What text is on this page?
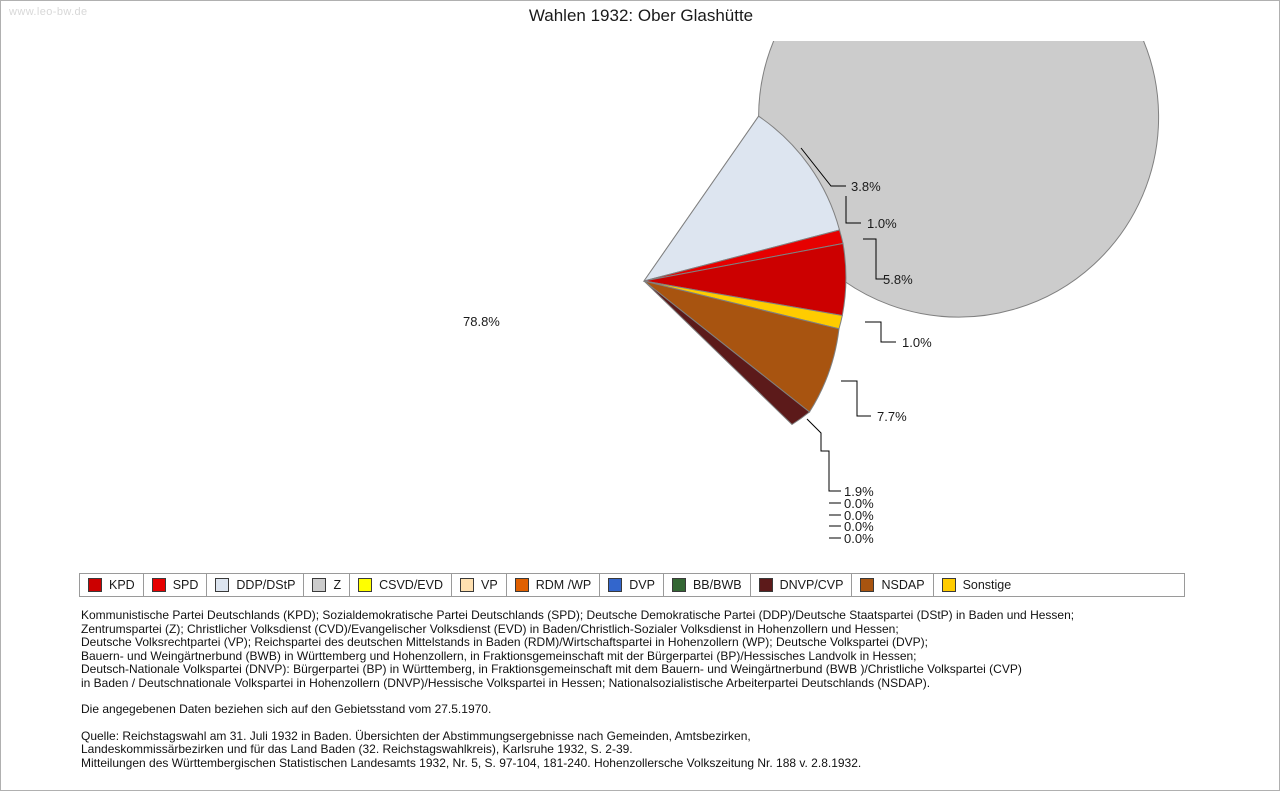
www.leo-bw.de	Wahlen 1932: Ober Glashütte
78.8%
3.8%
1.0%
5.8%
1.0%
7.7%
1.9%
0.0%
0.0%
0.0%
0.0%
KPD	SPD	DDP/DStP	Z	CSVD/EVD	VP	RDM /WP	DVP	BB/BWB	DNVP/CVP	NSDAP	Sonstige
Kommunistische Partei Deutschlands (KPD); Sozialdemokratische Partei Deutschlands (SPD); Deutsche Demokratische Partei (DDP)/Deutsche Staatspartei (DStP) in Baden und Hessen;
Zentrumspartei (Z); Christlicher Volksdienst (CVD)/Evangelischer Volksdienst (EVD) in Baden/Christlich-Sozialer Volksdienst in Hohenzollern und Hessen;
Deutsche Volksrechtpartei (VP); Reichspartei des deutschen Mittelstands in Baden (RDM)/Wirtschaftspartei in Hohenzollern (WP); Deutsche Volkspartei (DVP);
Bauern- und Weingärtnerbund (BWB) in Württemberg und Hohenzollern, in Fraktionsgemeinschaft mit der Bürgerpartei (BP)/Hessisches Landvolk in Hessen;
Deutsch-Nationale Volkspartei (DNVP): Bürgerpartei (BP) in Württemberg, in Fraktionsgemeinschaft mit dem Bauern- und Weingärtnerbund (BWB )/Christliche Volkspartei (CVP)
in Baden / Deutschnationale Volkspartei in Hohenzollern (DNVP)/Hessische Volkspartei in Hessen; Nationalsozialistische Arbeiterpartei Deutschlands (NSDAP).
Die angegebenen Daten beziehen sich auf den Gebietsstand vom 27.5.1970.
Quelle: Reichstagswahl am 31. Juli 1932 in Baden. Übersichten der Abstimmungsergebnisse nach Gemeinden, Amtsbezirken,
Landeskommissärbezirken und für das Land Baden (32. Reichstagswahlkreis), Karlsruhe 1932, S. 2-39.
Mitteilungen des Württembergischen Statistischen Landesamts 1932, Nr. 5, S. 97-104, 181-240. Hohenzollersche Volkszeitung Nr. 188 v. 2.8.1932.
